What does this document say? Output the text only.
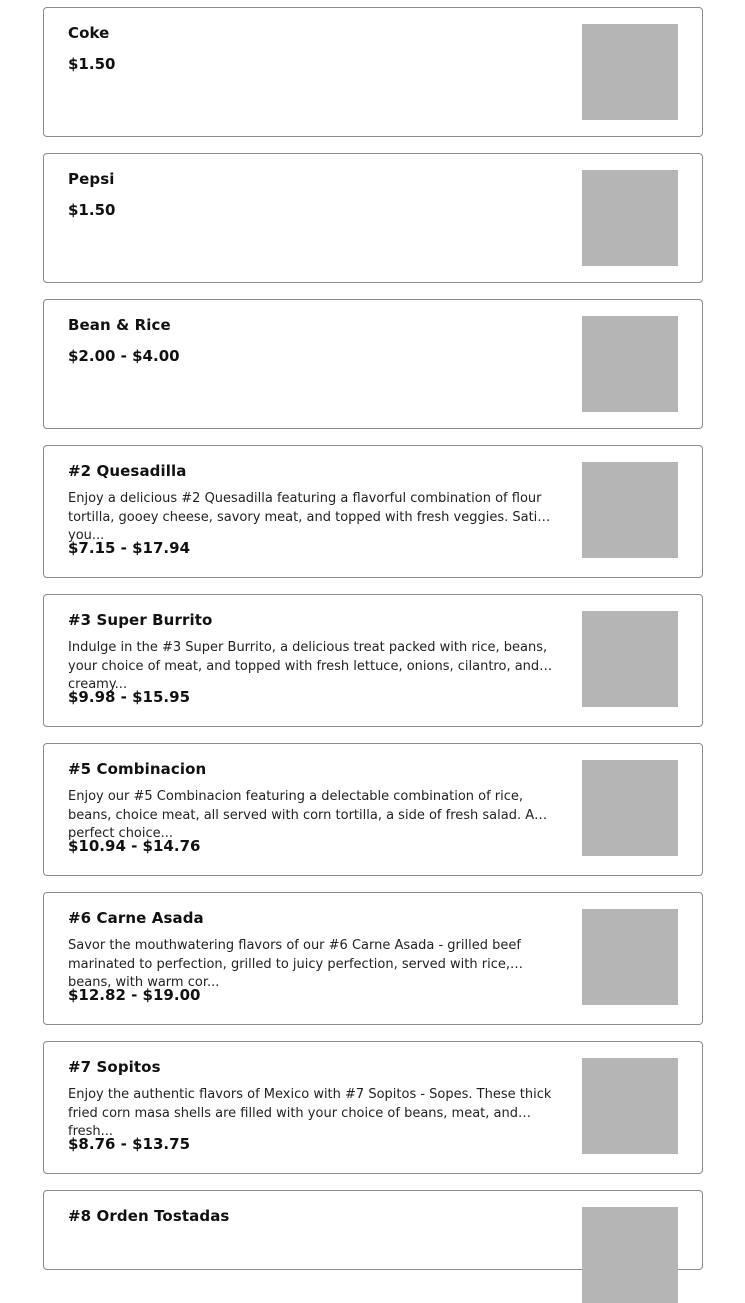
Coke
$1.50
Pepsi
$1.50
Bean & Rice
$2.00 - $4.00
#2 Quesadilla
Enjoy a delicious #2 Quesadilla featuring a flavorful combination of flour tortilla, gooey cheese, savory meat, and topped with fresh veggies. Satisfy you...
$7.15 - $17.94
#3 Super Burrito
Indulge in the #3 Super Burrito, a delicious treat packed with rice, beans, your choice of meat, and topped with fresh lettuce, onions, cilantro, and creamy...
$9.98 - $15.95
#5 Combinacion
Enjoy our #5 Combinacion featuring a delectable combination of rice, beans, choice meat, all served with corn tortilla, a side of fresh salad. A perfect choice...
$10.94 - $14.76
#6 Carne Asada
Savor the mouthwatering flavors of our #6 Carne Asada - grilled beef marinated to perfection, grilled to juicy perfection, served with rice, beans, with warm cor...
$12.82 - $19.00
#7 Sopitos
Enjoy the authentic flavors of Mexico with #7 Sopitos - Sopes. These thick fried corn masa shells are filled with your choice of beans, meat, and fresh...
$8.76 - $13.75
#8 Orden Tostadas
